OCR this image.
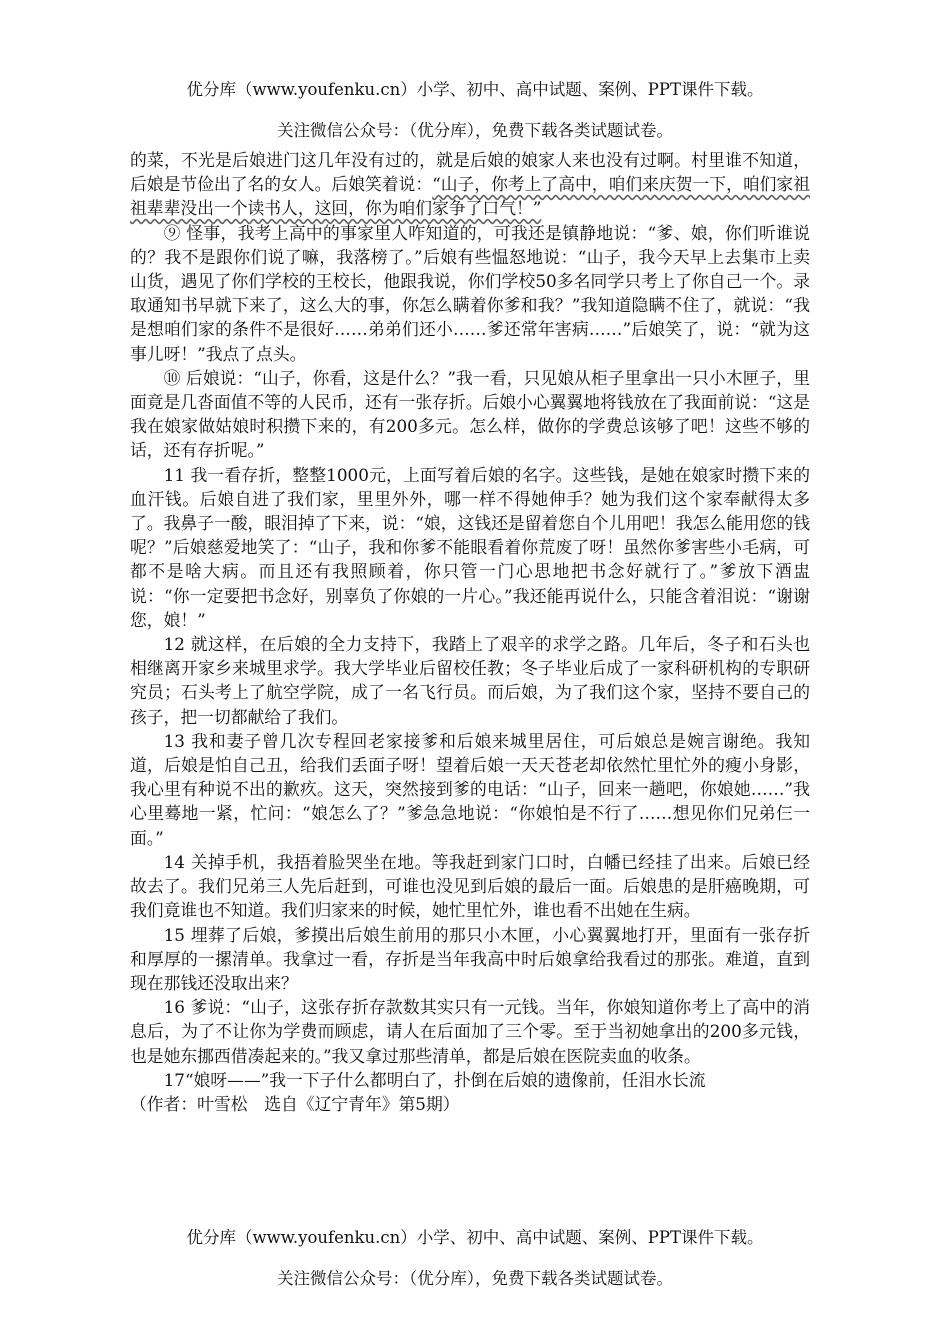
优分库（www.youfenku.cn）小学、初中、高中试题、案例、PPT课件下载。
关注微信公众号：（优分库），免费下载各类试题试卷。

的菜，不光是后娘进门这几年没有过的，就是后娘的娘家人来也没有过啊。村里谁不知道，后娘是节俭出了名的女人。后娘笑着说：“山子，你考上了高中，咱们来庆贺一下，咱们家祖祖辈辈没出一个读书人，这回，你为咱们家争了口气！”

⑨ 怪事，我考上高中的事家里人咋知道的，可我还是镇静地说：“爹、娘，你们听谁说的？我不是跟你们说了嘛，我落榜了。”后娘有些愠怒地说：“山子，我今天早上去集市上卖山货，遇见了你们学校的王校长，他跟我说，你们学校50多名同学只考上了你自己一个。录取通知书早就下来了，这么大的事，你怎么瞒着你爹和我？”我知道隐瞒不住了，就说：“我是想咱们家的条件不是很好……弟弟们还小……爹还常年害病……”后娘笑了，说：“就为这事儿呀！”我点了点头。

⑩ 后娘说：“山子，你看，这是什么？”我一看，只见娘从柜子里拿出一只小木匣子，里面竟是几沓面值不等的人民币，还有一张存折。后娘小心翼翼地将钱放在了我面前说：“这是我在娘家做姑娘时积攒下来的，有200多元。怎么样，做你的学费总该够了吧！这些不够的话，还有存折呢。”

11 我一看存折，整整1000元，上面写着后娘的名字。这些钱，是她在娘家时攒下来的血汗钱。后娘自进了我们家，里里外外，哪一样不得她伸手？她为我们这个家奉献得太多了。我鼻子一酸，眼泪掉了下来，说：“娘，这钱还是留着您自个儿用吧！我怎么能用您的钱呢？”后娘慈爱地笑了：“山子，我和你爹不能眼看着你荒废了呀！虽然你爹害些小毛病，可都不是啥大病。而且还有我照顾着，你只管一门心思地把书念好就行了。”爹放下酒盅说：“你一定要把书念好，别辜负了你娘的一片心。”我还能再说什么，只能含着泪说：“谢谢您，娘！”

12 就这样，在后娘的全力支持下，我踏上了艰辛的求学之路。几年后，冬子和石头也相继离开家乡来城里求学。我大学毕业后留校任教；冬子毕业后成了一家科研机构的专职研究员；石头考上了航空学院，成了一名飞行员。而后娘，为了我们这个家，坚持不要自己的孩子，把一切都献给了我们。

13 我和妻子曾几次专程回老家接爹和后娘来城里居住，可后娘总是婉言谢绝。我知道，后娘是怕自己丑，给我们丢面子呀！望着后娘一天天苍老却依然忙里忙外的瘦小身影，我心里有种说不出的歉疚。这天，突然接到爹的电话：“山子，回来一趟吧，你娘她……”我心里蓦地一紧，忙问：“娘怎么了？”爹急急地说：“你娘怕是不行了……想见你们兄弟仨一面。”

14 关掉手机，我捂着脸哭坐在地。等我赶到家门口时，白幡已经挂了出来。后娘已经故去了。我们兄弟三人先后赶到，可谁也没见到后娘的最后一面。后娘患的是肝癌晚期，可我们竟谁也不知道。我们归家来的时候，她忙里忙外，谁也看不出她在生病。

15 埋葬了后娘，爹摸出后娘生前用的那只小木匣，小心翼翼地打开，里面有一张存折和厚厚的一摞清单。我拿过一看，存折是当年我高中时后娘拿给我看过的那张。难道，直到现在那钱还没取出来？

16 爹说：“山子，这张存折存款数其实只有一元钱。当年，你娘知道你考上了高中的消息后，为了不让你为学费而顾虑，请人在后面加了三个零。至于当初她拿出的200多元钱，也是她东挪西借凑起来的。”我又拿过那些清单，都是后娘在医院卖血的收条。

17“娘呀——”我一下子什么都明白了，扑倒在后娘的遗像前，任泪水长流

（作者：叶雪松　选自《辽宁青年》第5期）

优分库（www.youfenku.cn）小学、初中、高中试题、案例、PPT课件下载。
关注微信公众号：（优分库），免费下载各类试题试卷。
